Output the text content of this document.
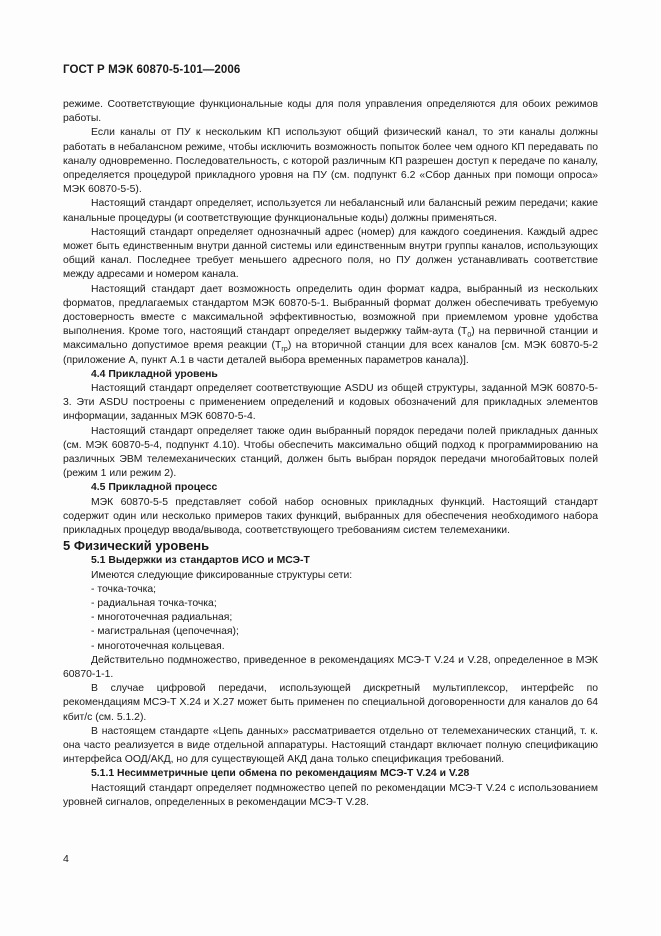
ГОСТ Р МЭК 60870-5-101—2006

режиме. Соответствующие функциональные коды для поля управления определяются для обоих режимов работы.

Если каналы от ПУ к нескольким КП используют общий физический канал, то эти каналы должны работать в небалансном режиме, чтобы исключить возможность попыток более чем одного КП передавать по каналу одновременно. Последовательность, с которой различным КП разрешен доступ к передаче по каналу, определяется процедурой прикладного уровня на ПУ (см. подпункт 6.2 «Сбор данных при помощи опроса» МЭК 60870-5-5).

Настоящий стандарт определяет, используется ли небалансный или балансный режим передачи; какие канальные процедуры (и соответствующие функциональные коды) должны применяться.

Настоящий стандарт определяет однозначный адрес (номер) для каждого соединения. Каждый адрес может быть единственным внутри данной системы или единственным внутри группы каналов, использующих общий канал. Последнее требует меньшего адресного поля, но ПУ должен устанавливать соответствие между адресами и номером канала.

Настоящий стандарт дает возможность определить один формат кадра, выбранный из нескольких форматов, предлагаемых стандартом МЭК 60870-5-1. Выбранный формат должен обеспечивать требуемую достоверность вместе с максимальной эффективностью, возможной при приемлемом уровне удобства выполнения. Кроме того, настоящий стандарт определяет выдержку тайм-аута $(T_0)$ на первичной станции и максимально допустимое время реакции $(T_{гр})$ на вторичной станции для всех каналов [см. МЭК 60870-5-2 (приложение А, пункт А.1 в части деталей выбора временных параметров канала)].

4.4 Прикладной уровень

Настоящий стандарт определяет соответствующие ASDU из общей структуры, заданной МЭК 60870-5-3. Эти ASDU построены с применением определений и кодовых обозначений для прикладных элементов информации, заданных МЭК 60870-5-4.

Настоящий стандарт определяет также один выбранный порядок передачи полей прикладных данных (см. МЭК 60870-5-4, подпункт 4.10). Чтобы обеспечить максимально общий подход к программированию на различных ЭВМ телемеханических станций, должен быть выбран порядок передачи многобайтовых полей (режим 1 или режим 2).

4.5 Прикладной процесс

МЭК 60870-5-5 представляет собой набор основных прикладных функций. Настоящий стандарт содержит один или несколько примеров таких функций, выбранных для обеспечения необходимого набора прикладных процедур ввода/вывода, соответствующего требованиям систем телемеханики.

5 Физический уровень

5.1 Выдержки из стандартов ИСО и МСЭ-Т

Имеются следующие фиксированные структуры сети:

- точка-точка;

- радиальная точка-точка;

- многоточечная радиальная;

- магистральная (цепочечная);

- многоточечная кольцевая.

Действительно подмножество, приведенное в рекомендациях МСЭ-Т V.24 и V.28, определенное в МЭК 60870-1-1.

В случае цифровой передачи, использующей дискретный мультиплексор, интерфейс по рекомендациям МСЭ-Т X.24 и X.27 может быть применен по специальной договоренности для каналов до 64 кбит/с (см. 5.1.2).

В настоящем стандарте «Цепь данных» рассматривается отдельно от телемеханических станций, т. к. она часто реализуется в виде отдельной аппаратуры. Настоящий стандарт включает полную спецификацию интерфейса ООД/АКД, но для существующей АКД дана только спецификация требований.

5.1.1 Несимметричные цепи обмена по рекомендациям МСЭ-Т V.24 и V.28

Настоящий стандарт определяет подмножество цепей по рекомендации МСЭ-Т V.24 с использованием уровней сигналов, определенных в рекомендации МСЭ-Т V.28.

4
